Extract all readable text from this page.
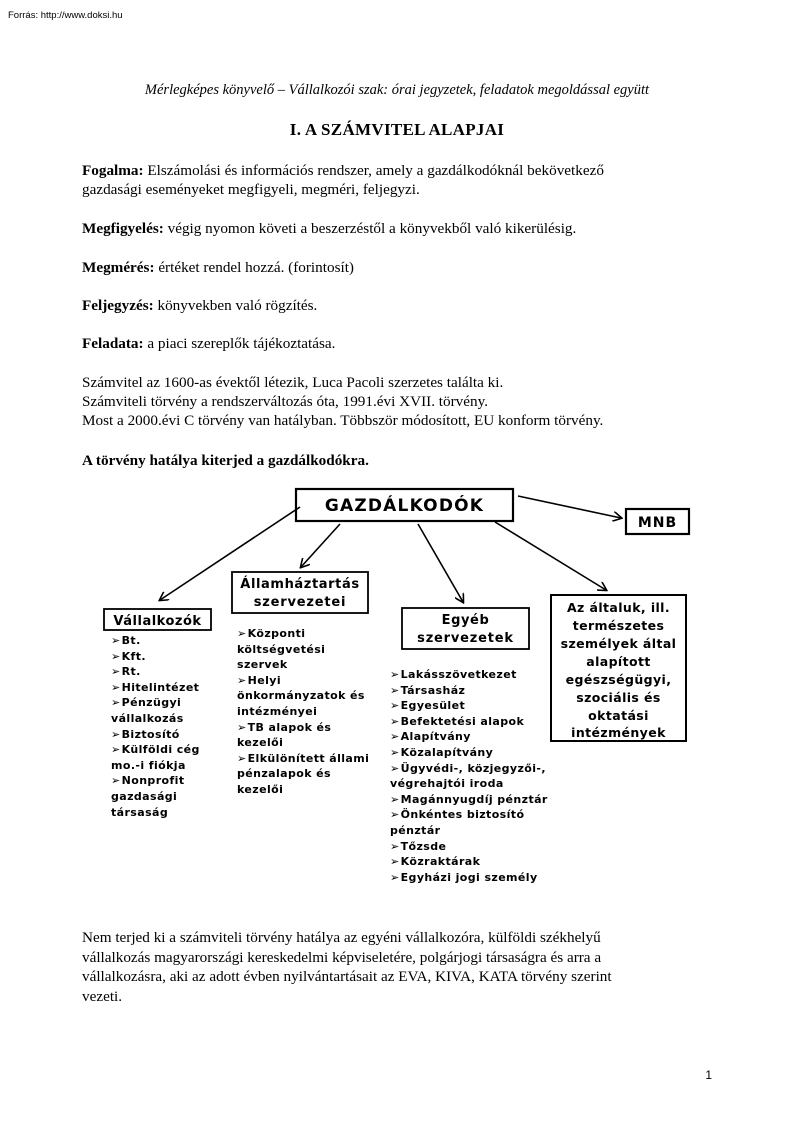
Forrás: http://www.doksi.hu
Mérlegképes könyvelő – Vállalkozói szak: órai jegyzetek, feladatok megoldással együtt
I. A SZÁMVITEL ALAPJAI
Fogalma: Elszámolási és információs rendszer, amely a gazdálkodóknál bekövetkező
gazdasági eseményeket megfigyeli, megméri, feljegyzi.
Megfigyelés: végig nyomon követi a beszerzéstől a könyvekből való kikerülésig.
Megmérés: értéket rendel hozzá. (forintosít)
Feljegyzés: könyvekben való rögzítés.
Feladata: a piaci szereplők tájékoztatása.
Számvitel az 1600-as évektől létezik, Luca Pacoli szerzetes találta ki.
Számviteli törvény a rendszerváltozás óta, 1991.évi XVII. törvény.
Most a 2000.évi C törvény van hatályban. Többször módosított, EU konform törvény.
A törvény hatálya kiterjed a gazdálkodókra.
GAZDÁLKODÓK
MNB
Vállalkozók
Államháztartás
szervezetei
Egyéb
szervezetek
Az általuk, ill.
természetes
személyek által
alapított
egészségügyi,
szociális és
oktatási
intézmények
➢Bt.
➢Kft.
➢Rt.
➢Hitelintézet
➢Pénzügyi
vállalkozás
➢Biztosító
➢Külföldi cég
mo.-i fiókja
➢Nonprofit
gazdasági
társaság
➢Központi
költségvetési
szervek
➢Helyi
önkormányzatok és
intézményei
➢TB alapok és
kezelői
➢Elkülönített állami
pénzalapok és
kezelői
➢Lakásszövetkezet
➢Társasház
➢Egyesület
➢Befektetési alapok
➢Alapítvány
➢Közalapítvány
➢Ügyvédi-, közjegyzői-,
végrehajtói iroda
➢Magánnyugdíj pénztár
➢Önkéntes biztosító
pénztár
➢Tőzsde
➢Közraktárak
➢Egyházi jogi személy
Nem terjed ki a számviteli törvény hatálya az egyéni vállalkozóra, külföldi székhelyű
vállalkozás magyarországi kereskedelmi képviseletére, polgárjogi társaságra és arra a
vállalkozásra, aki az adott évben nyilvántartásait az EVA, KIVA, KATA törvény szerint
vezeti.
1
